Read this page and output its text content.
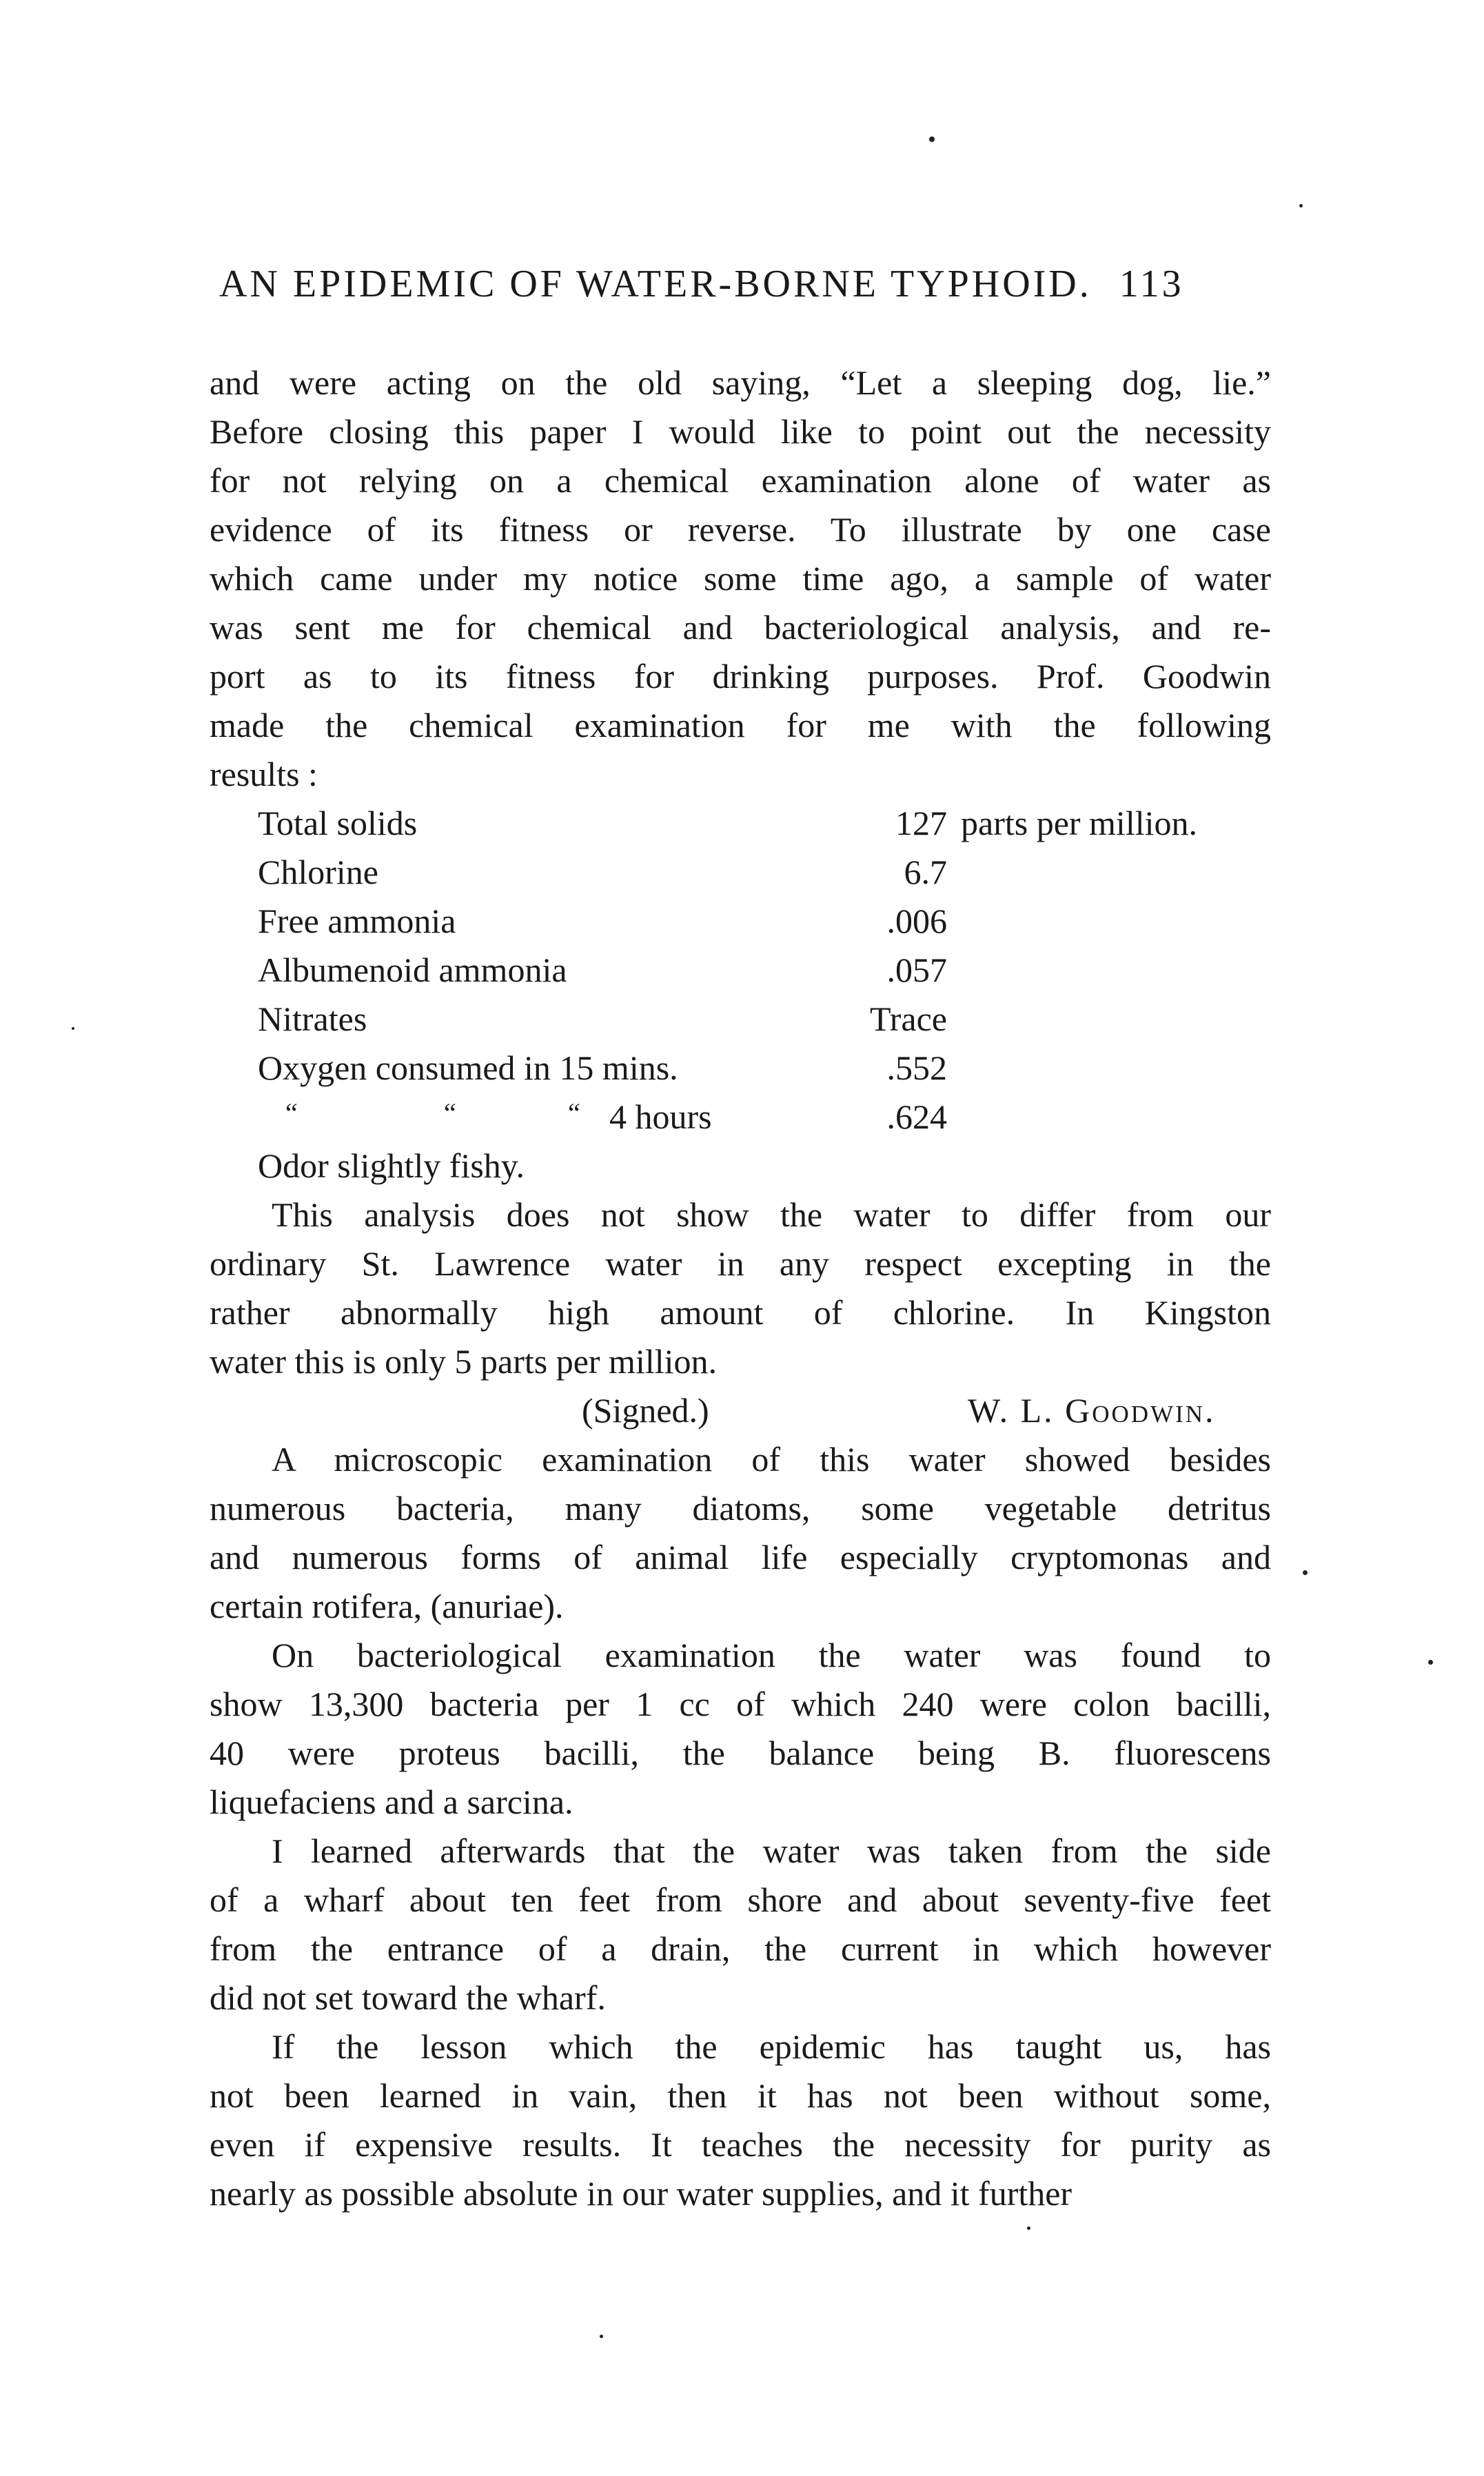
AN EPIDEMIC OF WATER-BORNE TYPHOID. 113
and were acting on the old saying, “Let a sleeping dog, lie.”
Before closing this paper I would like to point out the necessity
for not relying on a chemical examination alone of water as
evidence of its fitness or reverse. To illustrate by one case
which came under my notice some time ago, a sample of water
was sent me for chemical and bacteriological analysis, and re-
port as to its fitness for drinking purposes. Prof. Goodwin
made the chemical examination for me with the following
results :
Total solids	127 parts per million.
Chlorine	6.7
Free ammonia	.006
Albumenoid ammonia	.057
Nitrates	Trace
Oxygen consumed in 15 mins.	.552
“	“	“ 4 hours	.624
Odor slightly fishy.
This analysis does not show the water to differ from our
ordinary St. Lawrence water in any respect excepting in the
rather abnormally high amount of chlorine. In Kingston
water this is only 5 parts per million.
(Signed.)	W. L. Goodwin.
A microscopic examination of this water showed besides
numerous bacteria, many diatoms, some vegetable detritus
and numerous forms of animal life especially cryptomonas and
certain rotifera, (anuriae).
On bacteriological examination the water was found to
show 13,300 bacteria per 1 cc of which 240 were colon bacilli,
40 were proteus bacilli, the balance being B. fluorescens
liquefaciens and a sarcina.
I learned afterwards that the water was taken from the side
of a wharf about ten feet from shore and about seventy-five feet
from the entrance of a drain, the current in which however
did not set toward the wharf.
If the lesson which the epidemic has taught us, has
not been learned in vain, then it has not been without some,
even if expensive results. It teaches the necessity for purity as
nearly as possible absolute in our water supplies, and it further
